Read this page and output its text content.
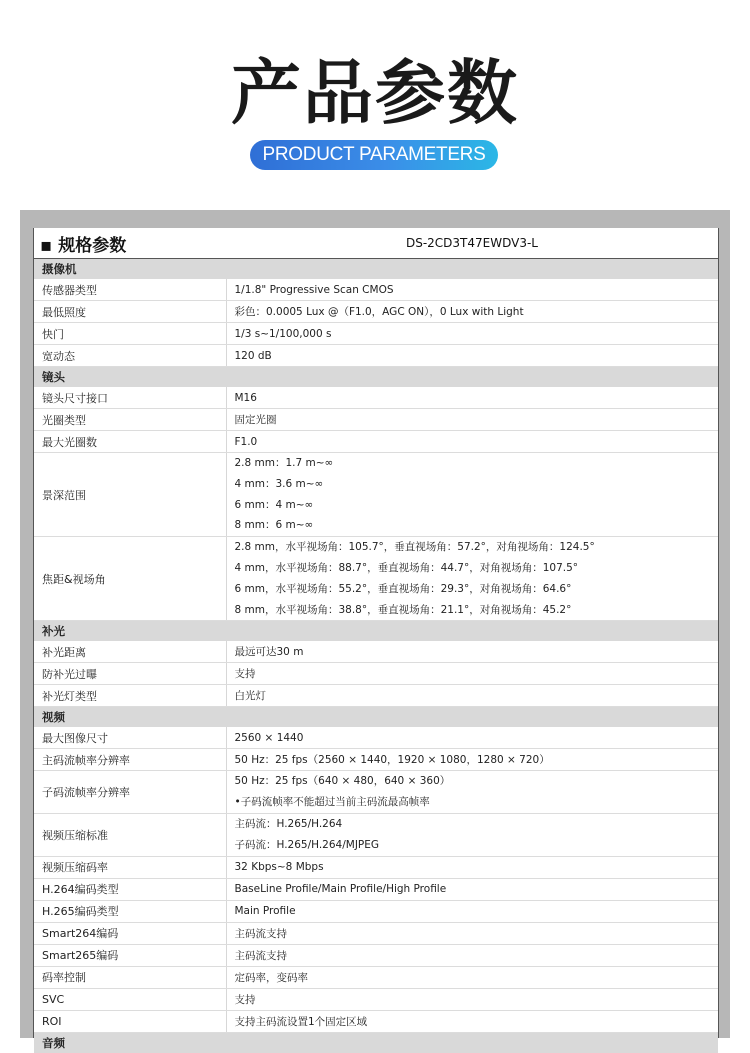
产品参数
PRODUCT PARAMETERS
▪ 规格参数	DS-2CD3T47EWDV3-L
摄像机	
传感器类型	1/1.8" Progressive Scan CMOS
最低照度	彩色：0.0005 Lux @（F1.0，AGC ON），0 Lux with Light
快门	1/3 s~1/100,000 s
宽动态	120 dB
镜头	
镜头尺寸接口	M16
光圈类型	固定光圈
最大光圈数	F1.0
景深范围	2.8 mm：1.7 m~∞
4 mm：3.6 m~∞
6 mm：4 m~∞
8 mm：6 m~∞

焦距&视场角	2.8 mm，水平视场角：105.7°，垂直视场角：57.2°，对角视场角：124.5°
4 mm，水平视场角：88.7°，垂直视场角：44.7°，对角视场角：107.5°
6 mm，水平视场角：55.2°，垂直视场角：29.3°，对角视场角：64.6°
8 mm，水平视场角：38.8°，垂直视场角：21.1°，对角视场角：45.2°

补光	
补光距离	最远可达30 m
防补光过曝	支持
补光灯类型	白光灯
视频	
最大图像尺寸	2560 × 1440
主码流帧率分辨率	50 Hz：25 fps（2560 × 1440，1920 × 1080，1280 × 720）
子码流帧率分辨率	50 Hz：25 fps（640 × 480，640 × 360）
•子码流帧率不能超过当前主码流最高帧率

视频压缩标准	主码流：H.265/H.264
子码流：H.265/H.264/MJPEG

视频压缩码率	32 Kbps~8 Mbps
H.264编码类型	BaseLine Profile/Main Profile/High Profile
H.265编码类型	Main Profile
Smart264编码	主码流支持
Smart265编码	主码流支持
码率控制	定码率，变码率
SVC	支持
ROI	支持主码流设置1个固定区域
音频	
